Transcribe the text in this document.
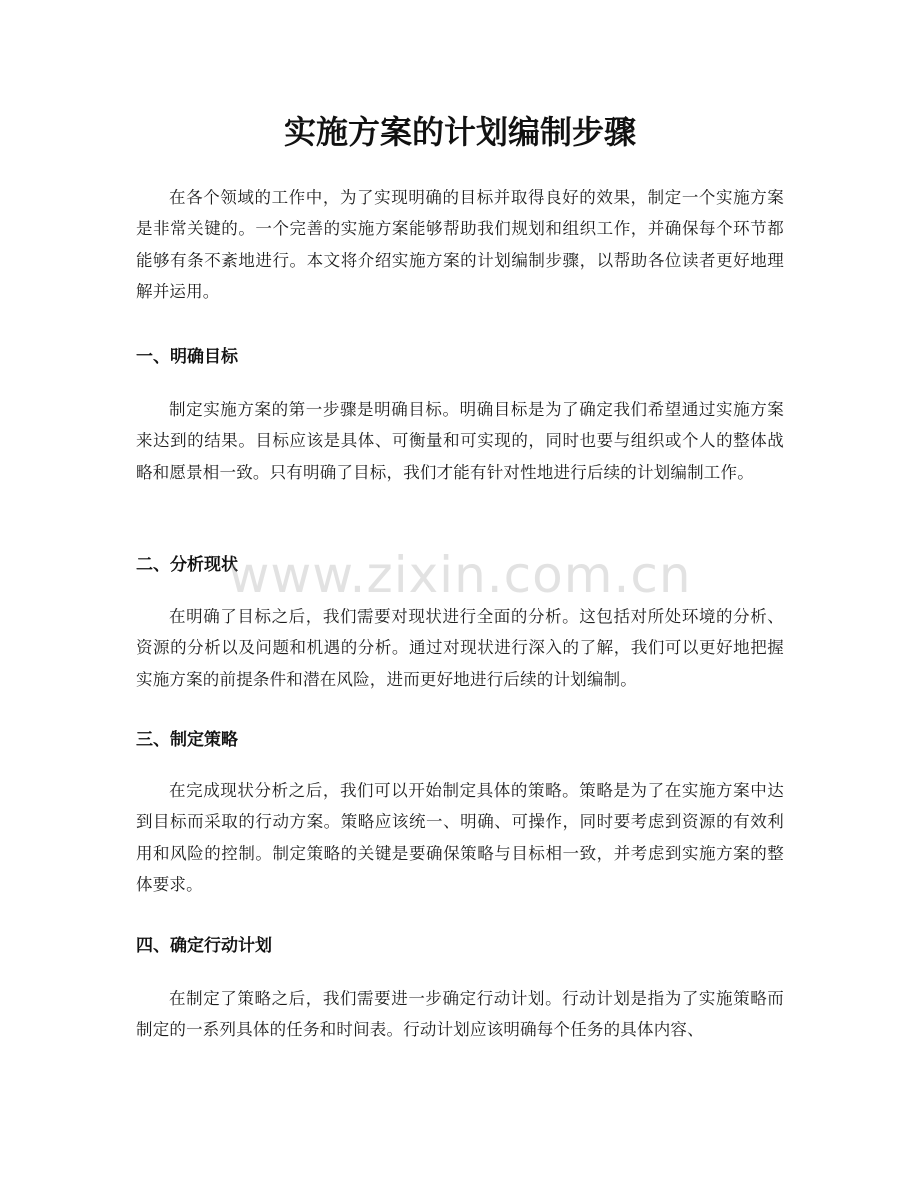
实施方案的计划编制步骤

在各个领域的工作中，为了实现明确的目标并取得良好的效果，制定一个实施方案是非常关键的。一个完善的实施方案能够帮助我们规划和组织工作，并确保每个环节都能够有条不紊地进行。本文将介绍实施方案的计划编制步骤，以帮助各位读者更好地理解并运用。

一、明确目标

制定实施方案的第一步骤是明确目标。明确目标是为了确定我们希望通过实施方案来达到的结果。目标应该是具体、可衡量和可实现的，同时也要与组织或个人的整体战略和愿景相一致。只有明确了目标，我们才能有针对性地进行后续的计划编制工作。

二、分析现状

在明确了目标之后，我们需要对现状进行全面的分析。这包括对所处环境的分析、资源的分析以及问题和机遇的分析。通过对现状进行深入的了解，我们可以更好地把握实施方案的前提条件和潜在风险，进而更好地进行后续的计划编制。

三、制定策略

在完成现状分析之后，我们可以开始制定具体的策略。策略是为了在实施方案中达到目标而采取的行动方案。策略应该统一、明确、可操作，同时要考虑到资源的有效利用和风险的控制。制定策略的关键是要确保策略与目标相一致，并考虑到实施方案的整体要求。

四、确定行动计划

在制定了策略之后，我们需要进一步确定行动计划。行动计划是指为了实施策略而制定的一系列具体的任务和时间表。行动计划应该明确每个任务的具体内容、

www.zixin.com.cn
